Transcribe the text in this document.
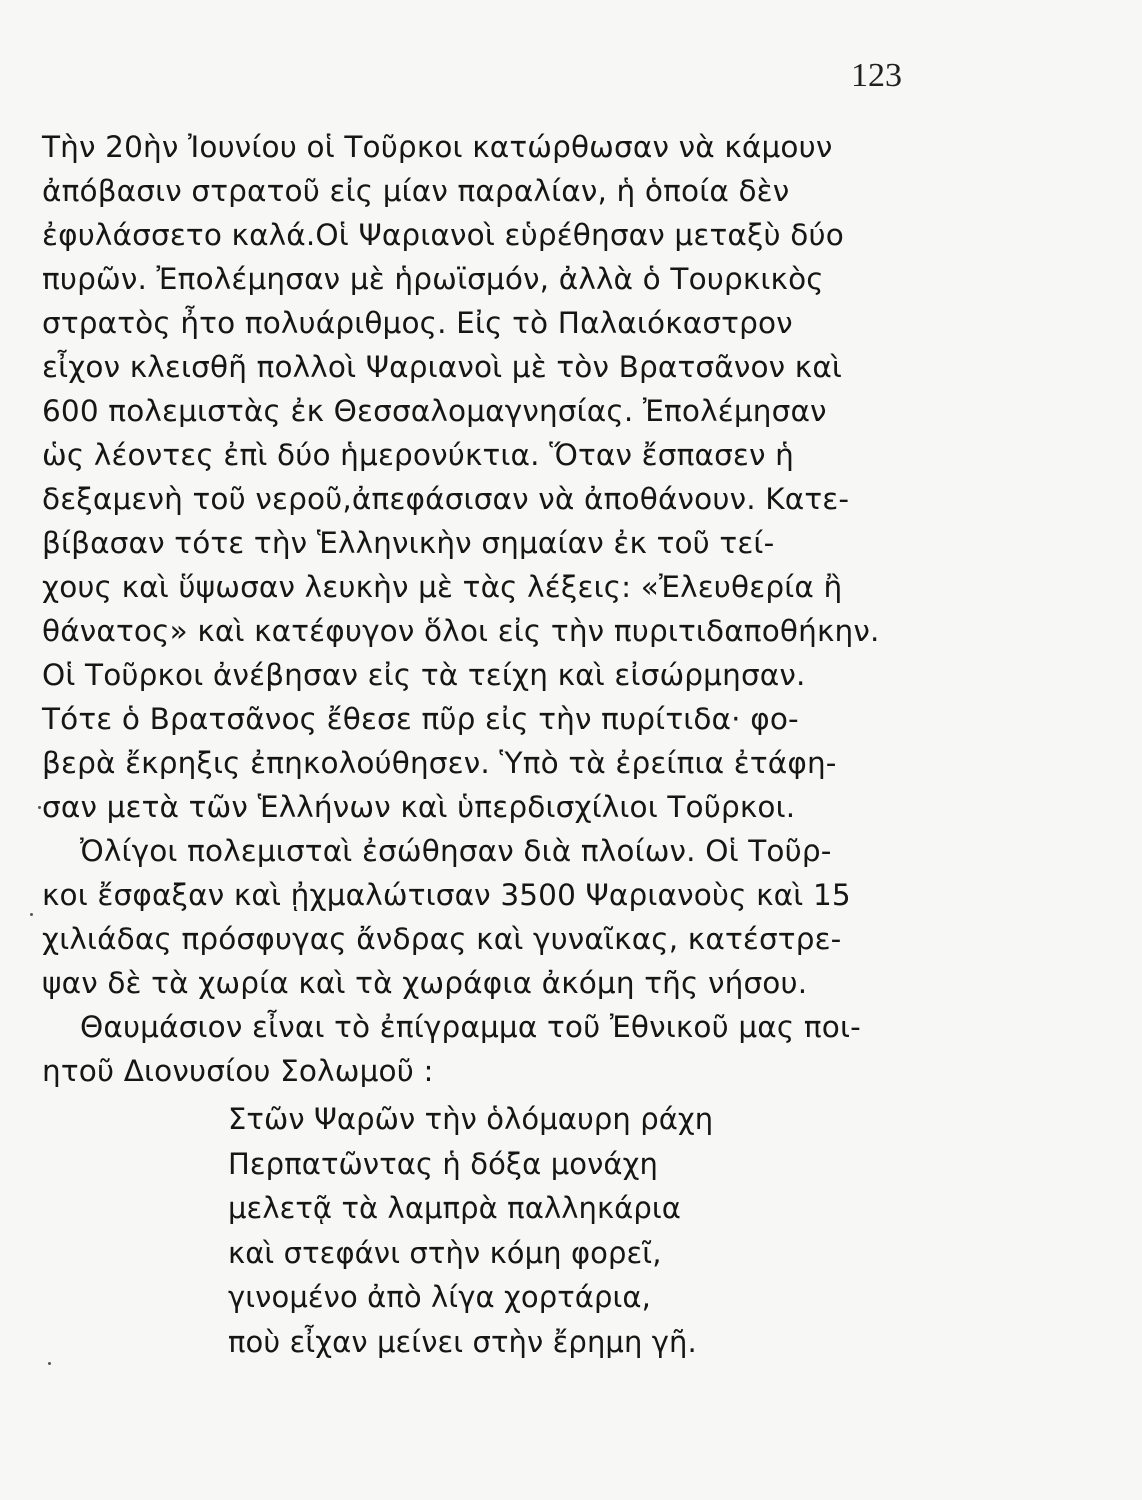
123
Τὴν 20ὴν Ἰουνίου οἱ Τοῦρκοι κατώρθωσαν νὰ κάμουν
ἀπόβασιν στρατοῦ εἰς μίαν παραλίαν, ἡ ὁποία δὲν
ἐφυλάσσετο καλά.Οἱ Ψαριανοὶ εὑρέθησαν μεταξὺ δύο
πυρῶν. Ἐπολέμησαν μὲ ἡρωϊσμόν, ἀλλὰ ὁ Τουρκικὸς
στρατὸς ἦτο πολυάριθμος. Εἰς τὸ Παλαιόκαστρον
εἶχον κλεισθῆ πολλοὶ Ψαριανοὶ μὲ τὸν Βρατσᾶνον καὶ
600 πολεμιστὰς ἐκ Θεσσαλομαγνησίας. Ἐπολέμησαν
ὡς λέοντες ἐπὶ δύο ἡμερονύκτια. Ὅταν ἔσπασεν ἡ
δεξαμενὴ τοῦ νεροῦ,ἀπεφάσισαν νὰ ἀποθάνουν. Κατε-
βίβασαν τότε τὴν Ἑλληνικὴν σημαίαν ἐκ τοῦ τεί-
χους καὶ ὕψωσαν λευκὴν μὲ τὰς λέξεις: «Ἐλευθερία ἢ
θάνατος» καὶ κατέφυγον ὅλοι εἰς τὴν πυριτιδαποθήκην.
Οἱ Τοῦρκοι ἀνέβησαν εἰς τὰ τείχη καὶ εἰσώρμησαν.
Τότε ὁ Βρατσᾶνος ἔθεσε πῦρ εἰς τὴν πυρίτιδα· φο-
βερὰ ἔκρηξις ἐπηκολούθησεν. Ὑπὸ τὰ ἐρείπια ἐτάφη-
σαν μετὰ τῶν Ἑλλήνων καὶ ὑπερδισχίλιοι Τοῦρκοι.
Ὀλίγοι πολεμισταὶ ἐσώθησαν διὰ πλοίων. Οἱ Τοῦρ-
κοι ἔσφαξαν καὶ ᾐχμαλώτισαν 3500 Ψαριανοὺς καὶ 15
χιλιάδας πρόσφυγας ἄνδρας καὶ γυναῖκας, κατέστρε-
ψαν δὲ τὰ χωρία καὶ τὰ χωράφια ἀκόμη τῆς νήσου.
Θαυμάσιον εἶναι τὸ ἐπίγραμμα τοῦ Ἐθνικοῦ μας ποι-
ητοῦ Διονυσίου Σολωμοῦ :
Στῶν Ψαρῶν τὴν ὁλόμαυρη ράχη
Περπατῶντας ἡ δόξα μονάχη
μελετᾷ τὰ λαμπρὰ παλληκάρια
καὶ στεφάνι στὴν κόμη φορεῖ,
γινομένο ἀπὸ λίγα χορτάρια,
ποὺ εἶχαν μείνει στὴν ἔρημη γῆ.
